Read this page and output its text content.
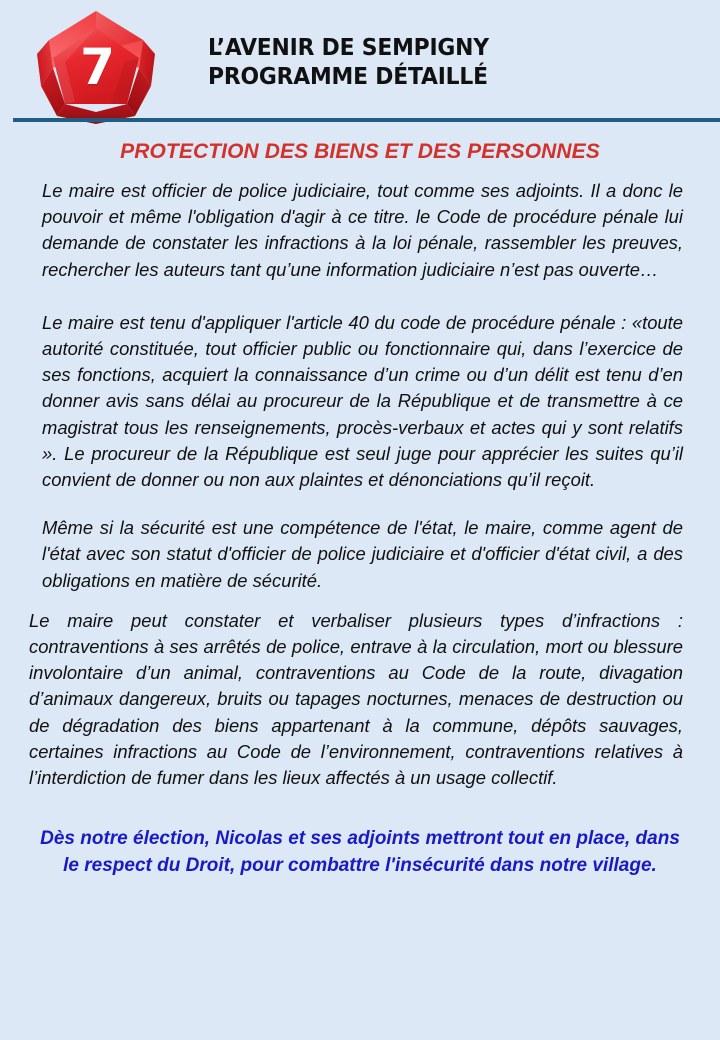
7	L’AVENIR DE SEMPIGNY
PROGRAMME DÉTAILLÉ
PROTECTION DES BIENS ET DES PERSONNES

Le maire est officier de police judiciaire, tout comme ses adjoints. Il a donc le pouvoir et même l'obligation d'agir à ce titre. le Code de procédure pénale lui demande de constater les infractions à la loi pénale, rassembler les preuves, rechercher les auteurs tant qu’une information judiciaire n’est pas ouverte…

Le maire est tenu d'appliquer l'article 40 du code de procédure pénale : «toute autorité constituée, tout officier public ou fonctionnaire qui, dans l’exercice de ses fonctions, acquiert la connaissance d’un crime ou d’un délit est tenu d’en donner avis sans délai au procureur de la République et de transmettre à ce magistrat tous les renseignements, procès-verbaux et actes qui y sont relatifs ». Le procureur de la République est seul juge pour apprécier les suites qu’il convient de donner ou non aux plaintes et dénonciations qu’il reçoit.

Même si la sécurité est une compétence de l'état, le maire, comme agent de l'état avec son statut d'officier de police judiciaire et d'officier d'état civil, a des obligations en matière de sécurité.

Le maire peut constater et verbaliser plusieurs types d’infractions : contraventions à ses arrêtés de police, entrave à la circulation, mort ou blessure involontaire d’un animal, contraventions au Code de la route, divagation d’animaux dangereux, bruits ou tapages nocturnes, menaces de destruction ou de dégradation des biens appartenant à la commune, dépôts sauvages, certaines infractions au Code de l’environnement, contraventions relatives à l’interdiction de fumer dans les lieux affectés à un usage collectif.

Dès notre élection, Nicolas et ses adjoints mettront tout en place, dans le respect du Droit, pour combattre l'insécurité dans notre village.
